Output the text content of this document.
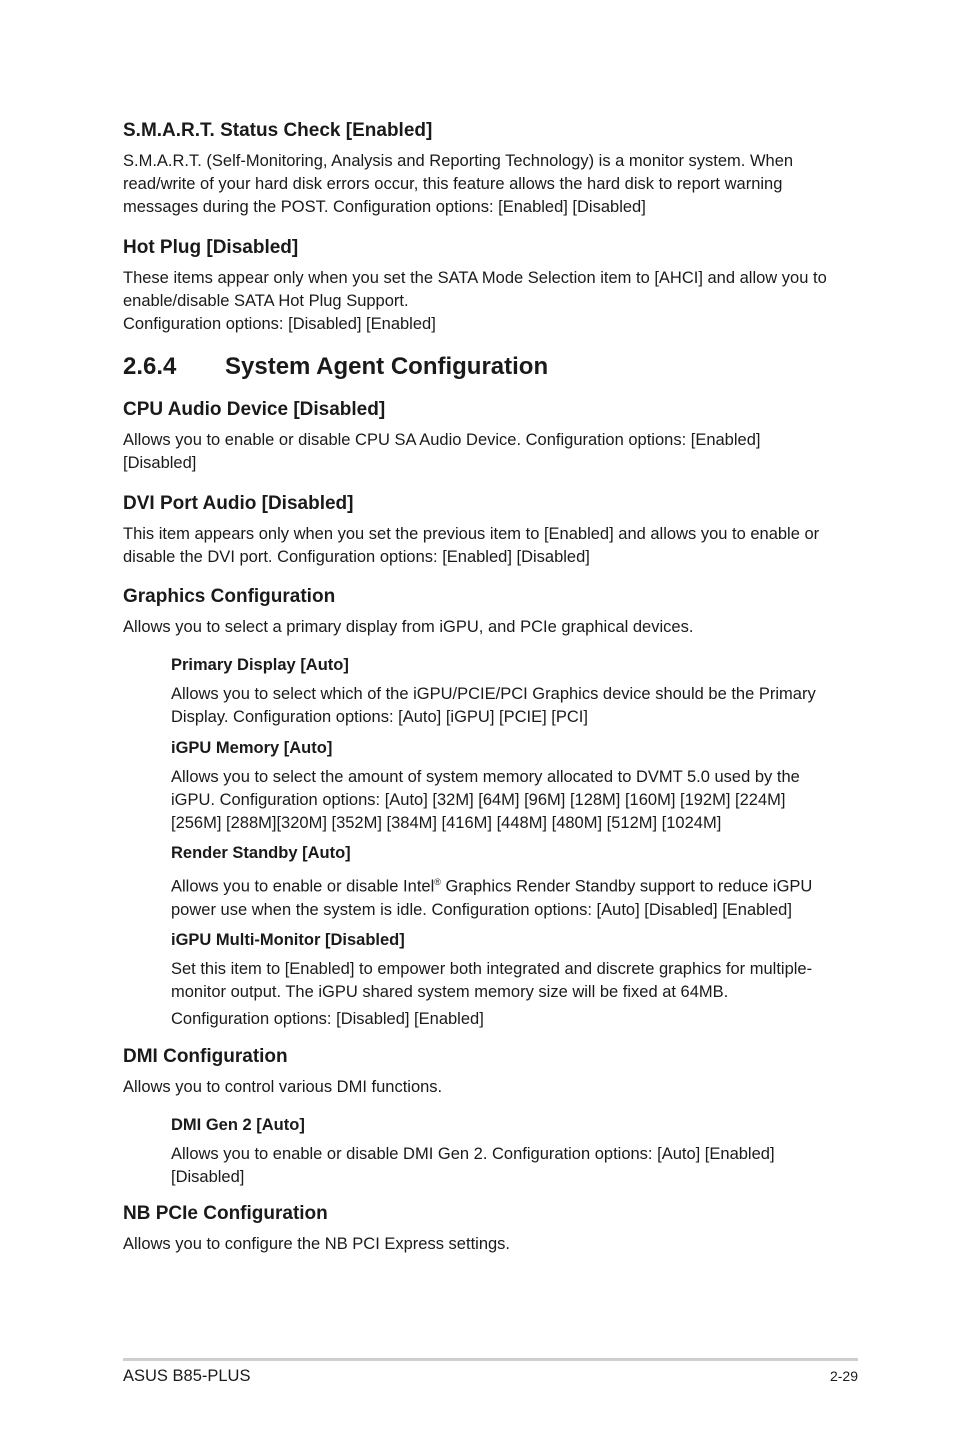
S.M.A.R.T. Status Check [Enabled]

S.M.A.R.T. (Self-Monitoring, Analysis and Reporting Technology) is a monitor system. When read/write of your hard disk errors occur, this feature allows the hard disk to report warning messages during the POST. Configuration options: [Enabled] [Disabled]

Hot Plug [Disabled]

These items appear only when you set the SATA Mode Selection item to [AHCI] and allow you to enable/disable SATA Hot Plug Support.
Configuration options: [Disabled] [Enabled]

2.6.4 System Agent Configuration
CPU Audio Device [Disabled]

Allows you to enable or disable CPU SA Audio Device. Configuration options: [Enabled] [Disabled]

DVI Port Audio [Disabled]

This item appears only when you set the previous item to [Enabled] and allows you to enable or disable the DVI port. Configuration options: [Enabled] [Disabled]

Graphics Configuration

Allows you to select a primary display from iGPU, and PCIe graphical devices.

Primary Display [Auto]

Allows you to select which of the iGPU/PCIE/PCI Graphics device should be the Primary Display. Configuration options: [Auto] [iGPU] [PCIE] [PCI]

iGPU Memory [Auto]

Allows you to select the amount of system memory allocated to DVMT 5.0 used by the iGPU. Configuration options: [Auto] [32M] [64M] [96M] [128M] [160M] [192M] [224M] [256M] [288M][320M] [352M] [384M] [416M] [448M] [480M] [512M] [1024M]

Render Standby [Auto]

Allows you to enable or disable Intel® Graphics Render Standby support to reduce iGPU power use when the system is idle. Configuration options: [Auto] [Disabled] [Enabled]

iGPU Multi-Monitor [Disabled]

Set this item to [Enabled] to empower both integrated and discrete graphics for multiple-monitor output. The iGPU shared system memory size will be fixed at 64MB.

Configuration options: [Disabled] [Enabled]

DMI Configuration

Allows you to control various DMI functions.

DMI Gen 2 [Auto]

Allows you to enable or disable DMI Gen 2. Configuration options: [Auto] [Enabled] [Disabled]

NB PCIe Configuration

Allows you to configure the NB PCI Express settings.

ASUS B85-PLUS	2-29
